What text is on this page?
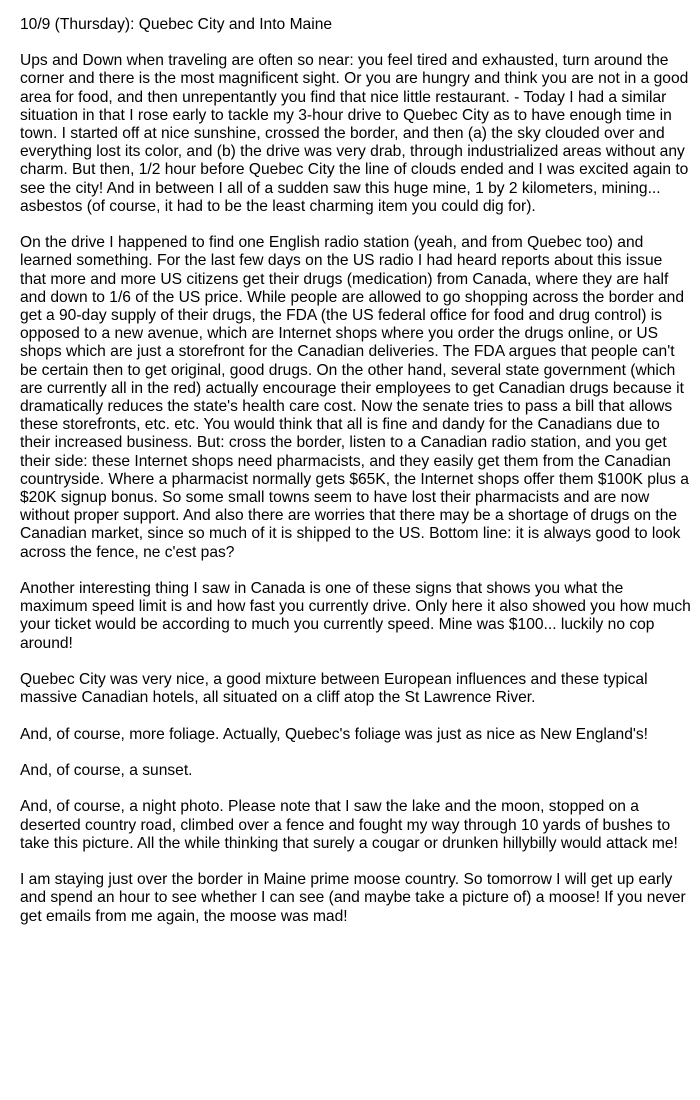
10/9 (Thursday): Quebec City and Into Maine

Ups and Down when traveling are often so near: you feel tired and exhausted, turn around the corner and there is the most magnificent sight. Or you are hungry and think you are not in a good area for food, and then unrepentantly you find that nice little restaurant. - Today I had a similar situation in that I rose early to tackle my 3-hour drive to Quebec City as to have enough time in town. I started off at nice sunshine, crossed the border, and then (a) the sky clouded over and everything lost its color, and (b) the drive was very drab, through industrialized areas without any charm. But then, 1/2 hour before Quebec City the line of clouds ended and I was excited again to see the city! And in between I all of a sudden saw this huge mine, 1 by 2 kilometers, mining... asbestos (of course, it had to be the least charming item you could dig for).

On the drive I happened to find one English radio station (yeah, and from Quebec too) and learned something. For the last few days on the US radio I had heard reports about this issue that more and more US citizens get their drugs (medication) from Canada, where they are half and down to 1/6 of the US price. While people are allowed to go shopping across the border and get a 90-day supply of their drugs, the FDA (the US federal office for food and drug control) is opposed to a new avenue, which are Internet shops where you order the drugs online, or US shops which are just a storefront for the Canadian deliveries. The FDA argues that people can't be certain then to get original, good drugs. On the other hand, several state government (which are currently all in the red) actually encourage their employees to get Canadian drugs because it dramatically reduces the state's health care cost. Now the senate tries to pass a bill that allows these storefronts, etc. etc. You would think that all is fine and dandy for the Canadians due to their increased business. But: cross the border, listen to a Canadian radio station, and you get their side: these Internet shops need pharmacists, and they easily get them from the Canadian countryside. Where a pharmacist normally gets $65K, the Internet shops offer them $100K plus a $20K signup bonus. So some small towns seem to have lost their pharmacists and are now without proper support. And also there are worries that there may be a shortage of drugs on the Canadian market, since so much of it is shipped to the US. Bottom line: it is always good to look across the fence, ne c'est pas?

Another interesting thing I saw in Canada is one of these signs that shows you what the maximum speed limit is and how fast you currently drive. Only here it also showed you how much your ticket would be according to much you currently speed. Mine was $100... luckily no cop around!

Quebec City was very nice, a good mixture between European influences and these typical massive Canadian hotels, all situated on a cliff atop the St Lawrence River.

And, of course, more foliage. Actually, Quebec's foliage was just as nice as New England's!

And, of course, a sunset.

And, of course, a night photo. Please note that I saw the lake and the moon, stopped on a deserted country road, climbed over a fence and fought my way through 10 yards of bushes to take this picture. All the while thinking that surely a cougar or drunken hillybilly would attack me!

I am staying just over the border in Maine prime moose country. So tomorrow I will get up early and spend an hour to see whether I can see (and maybe take a picture of) a moose! If you never get emails from me again, the moose was mad!
